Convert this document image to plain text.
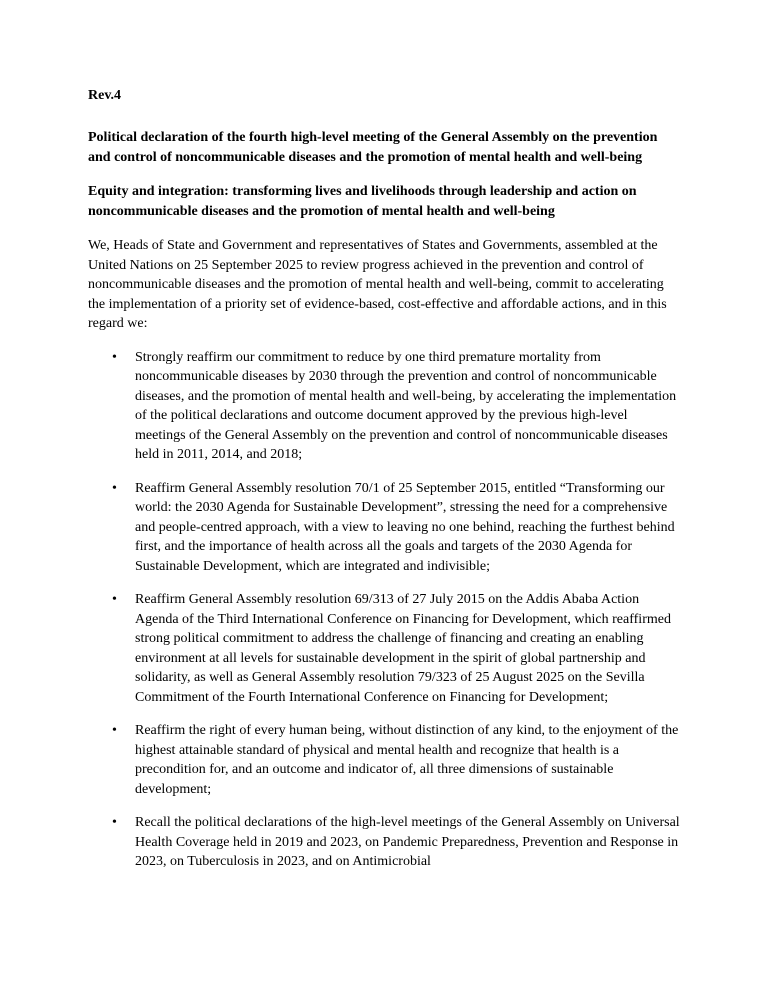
Rev.4

Political declaration of the fourth high-level meeting of the General Assembly on the prevention and control of noncommunicable diseases and the promotion of mental health and well-being

Equity and integration: transforming lives and livelihoods through leadership and action on noncommunicable diseases and the promotion of mental health and well-being

We, Heads of State and Government and representatives of States and Governments, assembled at the United Nations on 25 September 2025 to review progress achieved in the prevention and control of noncommunicable diseases and the promotion of mental health and well-being, commit to accelerating the implementation of a priority set of evidence-based, cost-effective and affordable actions, and in this regard we:

•	Strongly reaffirm our commitment to reduce by one third premature mortality from noncommunicable diseases by 2030 through the prevention and control of noncommunicable diseases, and the promotion of mental health and well-being, by accelerating the implementation of the political declarations and outcome document approved by the previous high-level meetings of the General Assembly on the prevention and control of noncommunicable diseases held in 2011, 2014, and 2018;
•	Reaffirm General Assembly resolution 70/1 of 25 September 2015, entitled “Transforming our world: the 2030 Agenda for Sustainable Development”, stressing the need for a comprehensive and people-centred approach, with a view to leaving no one behind, reaching the furthest behind first, and the importance of health across all the goals and targets of the 2030 Agenda for Sustainable Development, which are integrated and indivisible;
•	Reaffirm General Assembly resolution 69/313 of 27 July 2015 on the Addis Ababa Action Agenda of the Third International Conference on Financing for Development, which reaffirmed strong political commitment to address the challenge of financing and creating an enabling environment at all levels for sustainable development in the spirit of global partnership and solidarity, as well as General Assembly resolution 79/323 of 25 August 2025 on the Sevilla Commitment of the Fourth International Conference on Financing for Development;
•	Reaffirm the right of every human being, without distinction of any kind, to the enjoyment of the highest attainable standard of physical and mental health and recognize that health is a precondition for, and an outcome and indicator of, all three dimensions of sustainable development;
•	Recall the political declarations of the high-level meetings of the General Assembly on Universal Health Coverage held in 2019 and 2023, on Pandemic Preparedness, Prevention and Response in 2023, on Tuberculosis in 2023, and on Antimicrobial
